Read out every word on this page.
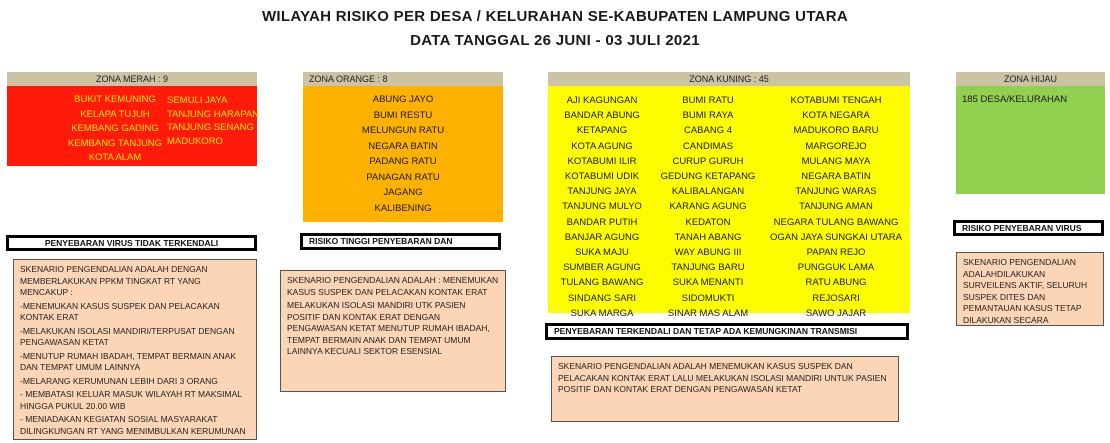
WILAYAH RISIKO PER DESA / KELURAHAN SE-KABUPATEN LAMPUNG UTARA
DATA TANGGAL 26 JUNI - 03 JULI 2021
ZONA MERAH : 9
BUKIT KEMUNING
KELAPA TUJUH
KEMBANG GADING
KEMBANG TANJUNG
KOTA ALAM
SEMULI JAYA
TANJUNG HARAPAN
TANJUNG SENANG
MADUKORO
PENYEBARAN VIRUS TIDAK TERKENDALI

SKENARIO PENGENDALIAN ADALAH DENGAN MEMBERLAKUKAN PPKM TINGKAT RT YANG MENCAKUP :

-MENEMUKAN KASUS SUSPEK DAN PELACAKAN KONTAK ERAT

-MELAKUKAN ISOLASI MANDIRI/TERPUSAT DENGAN PENGAWASAN KETAT

-MENUTUP RUMAH IBADAH, TEMPAT BERMAIN ANAK DAN TEMPAT UMUM LAINNYA

-MELARANG KERUMUNAN LEBIH DARI 3 ORANG

- MEMBATASI KELUAR MASUK WILAYAH RT MAKSIMAL HINGGA PUKUL 20.00 WIB

- MENIADAKAN KEGIATAN SOSIAL MASYARAKAT DILINGKUNGAN RT YANG MENIMBULKAN KERUMUNAN

ZONA ORANGE : 8
ABUNG JAYO
BUMI RESTU
MELUNGUN RATU
NEGARA BATIN
PADANG RATU
PANAGAN RATU
JAGANG
KALIBENING
RISIKO TINGGI PENYEBARAN DAN

SKENARIO PENGENDALIAN ADALAH : MENEMUKAN KASUS SUSPEK DAN PELACAKAN KONTAK ERAT

MELAKUKAN ISOLASI MANDIRI UTK PASIEN POSITIF DAN KONTAK ERAT DENGAN PENGAWASAN KETAT MENUTUP RUMAH IBADAH, TEMPAT BERMAIN ANAK DAN TEMPAT UMUM LAINNYA KECUALI SEKTOR ESENSIAL

ZONA KUNING : 45
AJI KAGUNGAN
BANDAR ABUNG
KETAPANG
KOTA AGUNG
KOTABUMI ILIR
KOTABUMI UDIK
TANJUNG JAYA
TANJUNG MULYO
BANDAR PUTIH
BANJAR AGUNG
SUKA MAJU
SUMBER AGUNG
TULANG BAWANG
SINDANG SARI
SUKA MARGA
BUMI RATU
BUMI RAYA
CABANG 4
CANDIMAS
CURUP GURUH
GEDUNG KETAPANG
KALIBALANGAN
KARANG AGUNG
KEDATON
TANAH ABANG
WAY ABUNG III
TANJUNG BARU
SUKA MENANTI
SIDOMUKTI
SINAR MAS ALAM
KOTABUMI TENGAH
KOTA NEGARA
MADUKORO BARU
MARGOREJO
MULANG MAYA
NEGARA BATIN
TANJUNG WARAS
TANJUNG AMAN
NEGARA TULANG BAWANG
OGAN JAYA SUNGKAI UTARA
PAPAN REJO
PUNGGUK LAMA
RATU ABUNG
REJOSARI
SAWO JAJAR
PENYEBARAN TERKENDALI DAN TETAP ADA KEMUNGKINAN TRANSMISI
SKENARIO PENGENDALIAN ADALAH MENEMUKAN KASUS SUSPEK DAN PELACAKAN KONTAK ERAT LALU MELAKUKAN ISOLASI MANDIRI UNTUK PASIEN POSITIF DAN KONTAK ERAT DENGAN PENGAWASAN KETAT
ZONA HIJAU
185 DESA/KELURAHAN
RISIKO PENYEBARAN VIRUS
SKENARIO PENGENDALIAN ADALAHDILAKUKAN SURVEILENS AKTIF, SELURUH SUSPEK DITES DAN PEMANTAUAN KASUS TETAP DILAKUKAN SECARA
